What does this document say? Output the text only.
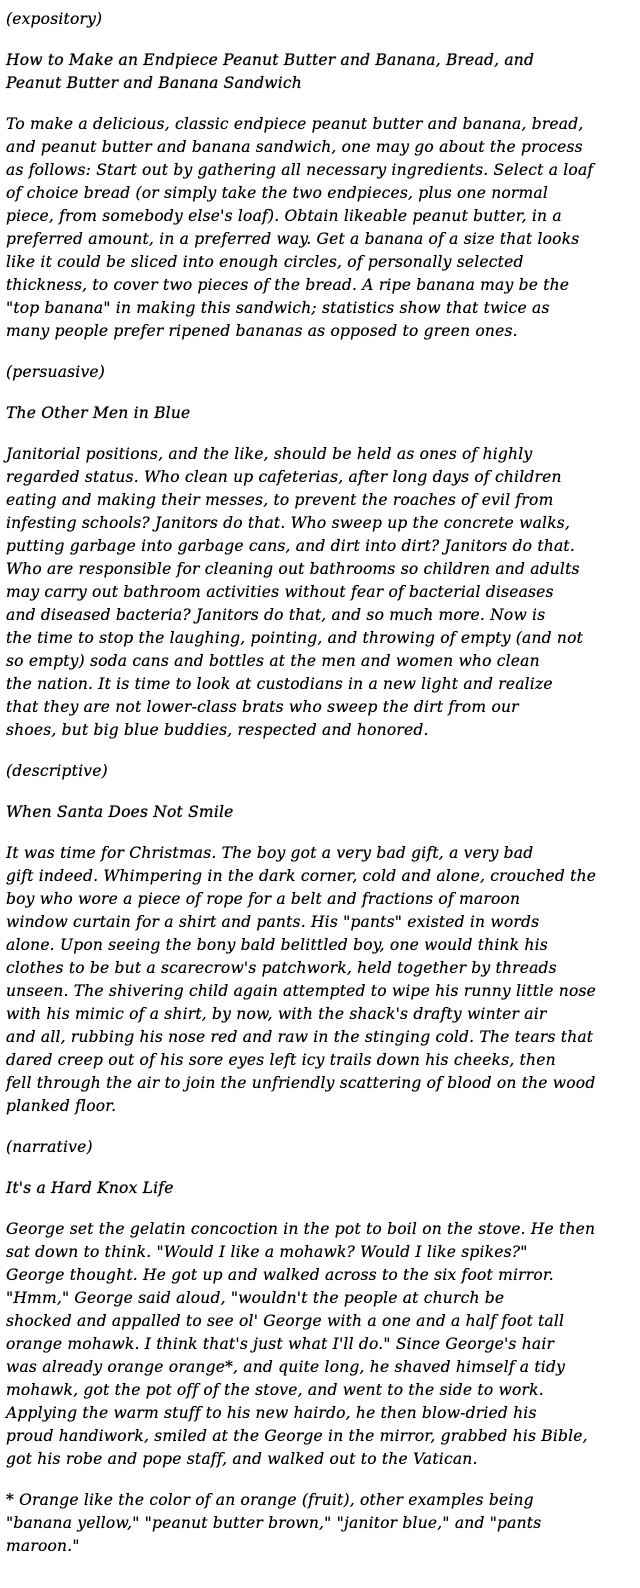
(expository)
How to Make an Endpiece Peanut Butter and Banana, Bread, and
Peanut Butter and Banana Sandwich
To make a delicious, classic endpiece peanut butter and banana, bread,
and peanut butter and banana sandwich, one may go about the process
as follows: Start out by gathering all necessary ingredients. Select a loaf
of choice bread (or simply take the two endpieces, plus one normal
piece, from somebody else's loaf). Obtain likeable peanut butter, in a
preferred amount, in a preferred way. Get a banana of a size that looks
like it could be sliced into enough circles, of personally selected
thickness, to cover two pieces of the bread. A ripe banana may be the
"top banana" in making this sandwich; statistics show that twice as
many people prefer ripened bananas as opposed to green ones.
(persuasive)
The Other Men in Blue
Janitorial positions, and the like, should be held as ones of highly
regarded status. Who clean up cafeterias, after long days of children
eating and making their messes, to prevent the roaches of evil from
infesting schools? Janitors do that. Who sweep up the concrete walks,
putting garbage into garbage cans, and dirt into dirt? Janitors do that.
Who are responsible for cleaning out bathrooms so children and adults
may carry out bathroom activities without fear of bacterial diseases
and diseased bacteria? Janitors do that, and so much more. Now is
the time to stop the laughing, pointing, and throwing of empty (and not
so empty) soda cans and bottles at the men and women who clean
the nation. It is time to look at custodians in a new light and realize
that they are not lower-class brats who sweep the dirt from our
shoes, but big blue buddies, respected and honored.
(descriptive)
When Santa Does Not Smile
It was time for Christmas. The boy got a very bad gift, a very bad
gift indeed. Whimpering in the dark corner, cold and alone, crouched the
boy who wore a piece of rope for a belt and fractions of maroon
window curtain for a shirt and pants. His "pants" existed in words
alone. Upon seeing the bony bald belittled boy, one would think his
clothes to be but a scarecrow's patchwork, held together by threads
unseen. The shivering child again attempted to wipe his runny little nose
with his mimic of a shirt, by now, with the shack's drafty winter air
and all, rubbing his nose red and raw in the stinging cold. The tears that
dared creep out of his sore eyes left icy trails down his cheeks, then
fell through the air to join the unfriendly scattering of blood on the wood
planked floor.
(narrative)
It's a Hard Knox Life
George set the gelatin concoction in the pot to boil on the stove. He then
sat down to think. "Would I like a mohawk? Would I like spikes?"
George thought. He got up and walked across to the six foot mirror.
"Hmm," George said aloud, "wouldn't the people at church be
shocked and appalled to see ol' George with a one and a half foot tall
orange mohawk. I think that's just what I'll do." Since George's hair
was already orange orange*, and quite long, he shaved himself a tidy
mohawk, got the pot off of the stove, and went to the side to work.
Applying the warm stuff to his new hairdo, he then blow-dried his
proud handiwork, smiled at the George in the mirror, grabbed his Bible,
got his robe and pope staff, and walked out to the Vatican.
* Orange like the color of an orange (fruit), other examples being
"banana yellow," "peanut butter brown," "janitor blue," and "pants
maroon."
